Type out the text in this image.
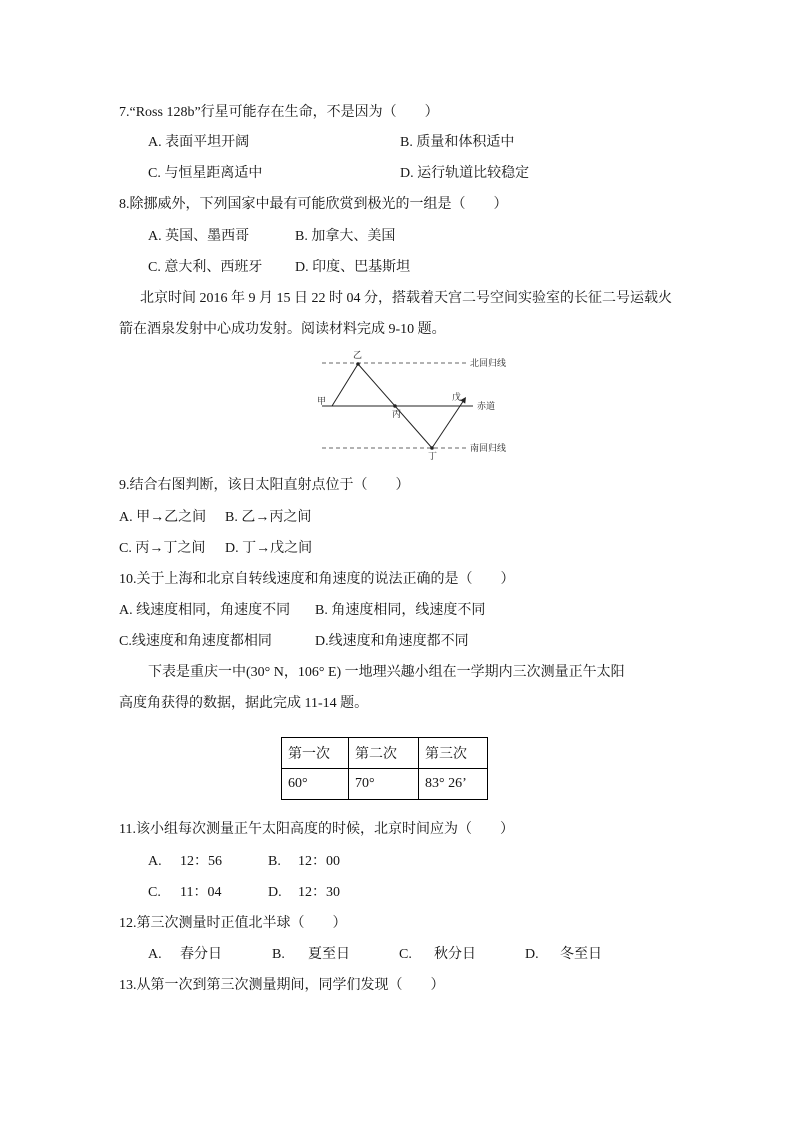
7.“Ross 128b”行星可能存在生命，不是因为（　　）
A. 表面平坦开阔	B. 质量和体积适中
C. 与恒星距离适中	D. 运行轨道比较稳定
8.除挪威外，下列国家中最有可能欣赏到极光的一组是（　　）
A. 英国、墨西哥	B. 加拿大、美国
C. 意大利、西班牙 D. 印度、巴基斯坦
北京时间 2016 年 9 月 15 日 22 时 04 分，搭载着天宫二号空间实验室的长征二号运载火
箭在酒泉发射中心成功发射。阅读材料完成 9-10 题。
甲
乙
丙
丁
戊
北回归线
赤道
南回归线
9.结合右图判断，该日太阳直射点位于（　　）
A. 甲→乙之间 B. 乙→丙之间
C. 丙→丁之间 D. 丁→戊之间
10.关于上海和北京自转线速度和角速度的说法正确的是（　　）
A. 线速度相同，角速度不同 B. 角速度相同，线速度不同
C.线速度和角速度都相同	D.线速度和角速度都不同
下表是重庆一中(30° N，106° E) 一地理兴趣小组在一学期内三次测量正午太阳
高度角获得的数据，据此完成 11-14 题。
第一次	第二次	第三次
60°	70°	83° 26’
11.该小组每次测量正午太阳高度的时候，北京时间应为（　　）
A. 12：56	B. 12：00
C. 11：04	D. 12：30
12.第三次测量时正值北半球（　　）
A. 春分日	B. 夏至日	C. 秋分日	D. 冬至日
13.从第一次到第三次测量期间，同学们发现（　　）
